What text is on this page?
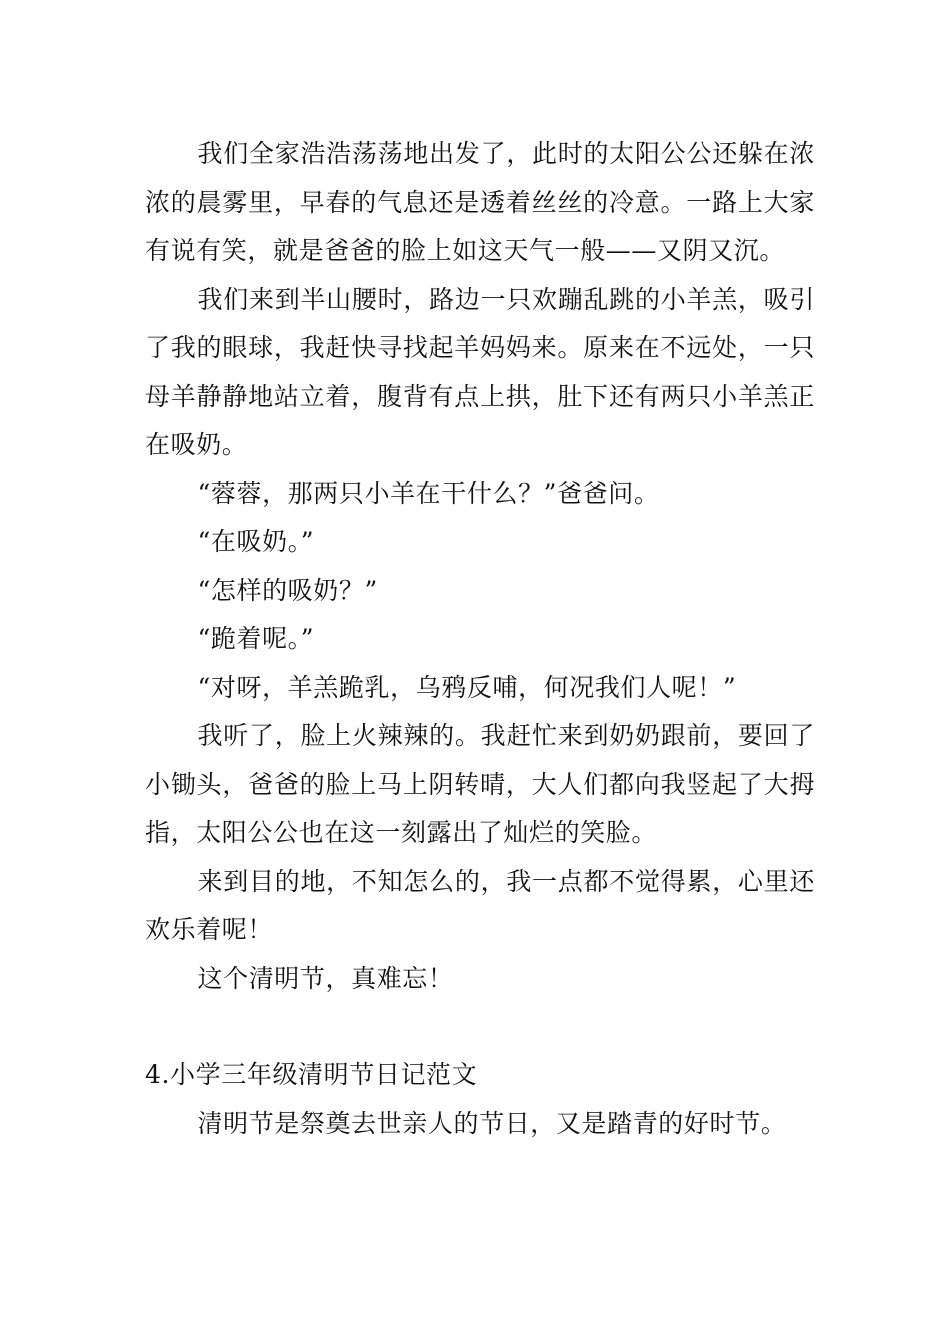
我们全家浩浩荡荡地出发了，此时的太阳公公还躲在浓浓的晨雾里，早春的气息还是透着丝丝的冷意。一路上大家有说有笑，就是爸爸的脸上如这天气一般——又阴又沉。

我们来到半山腰时，路边一只欢蹦乱跳的小羊羔，吸引了我的眼球，我赶快寻找起羊妈妈来。原来在不远处，一只母羊静静地站立着，腹背有点上拱，肚下还有两只小羊羔正在吸奶。

“蓉蓉，那两只小羊在干什么？”爸爸问。

“在吸奶。”

“怎样的吸奶？”

“跪着呢。”

“对呀，羊羔跪乳，乌鸦反哺，何况我们人呢！”

我听了，脸上火辣辣的。我赶忙来到奶奶跟前，要回了小锄头，爸爸的脸上马上阴转晴，大人们都向我竖起了大拇指，太阳公公也在这一刻露出了灿烂的笑脸。

来到目的地，不知怎么的，我一点都不觉得累，心里还欢乐着呢！

这个清明节，真难忘！

4.小学三年级清明节日记范文

清明节是祭奠去世亲人的节日，又是踏青的好时节。
